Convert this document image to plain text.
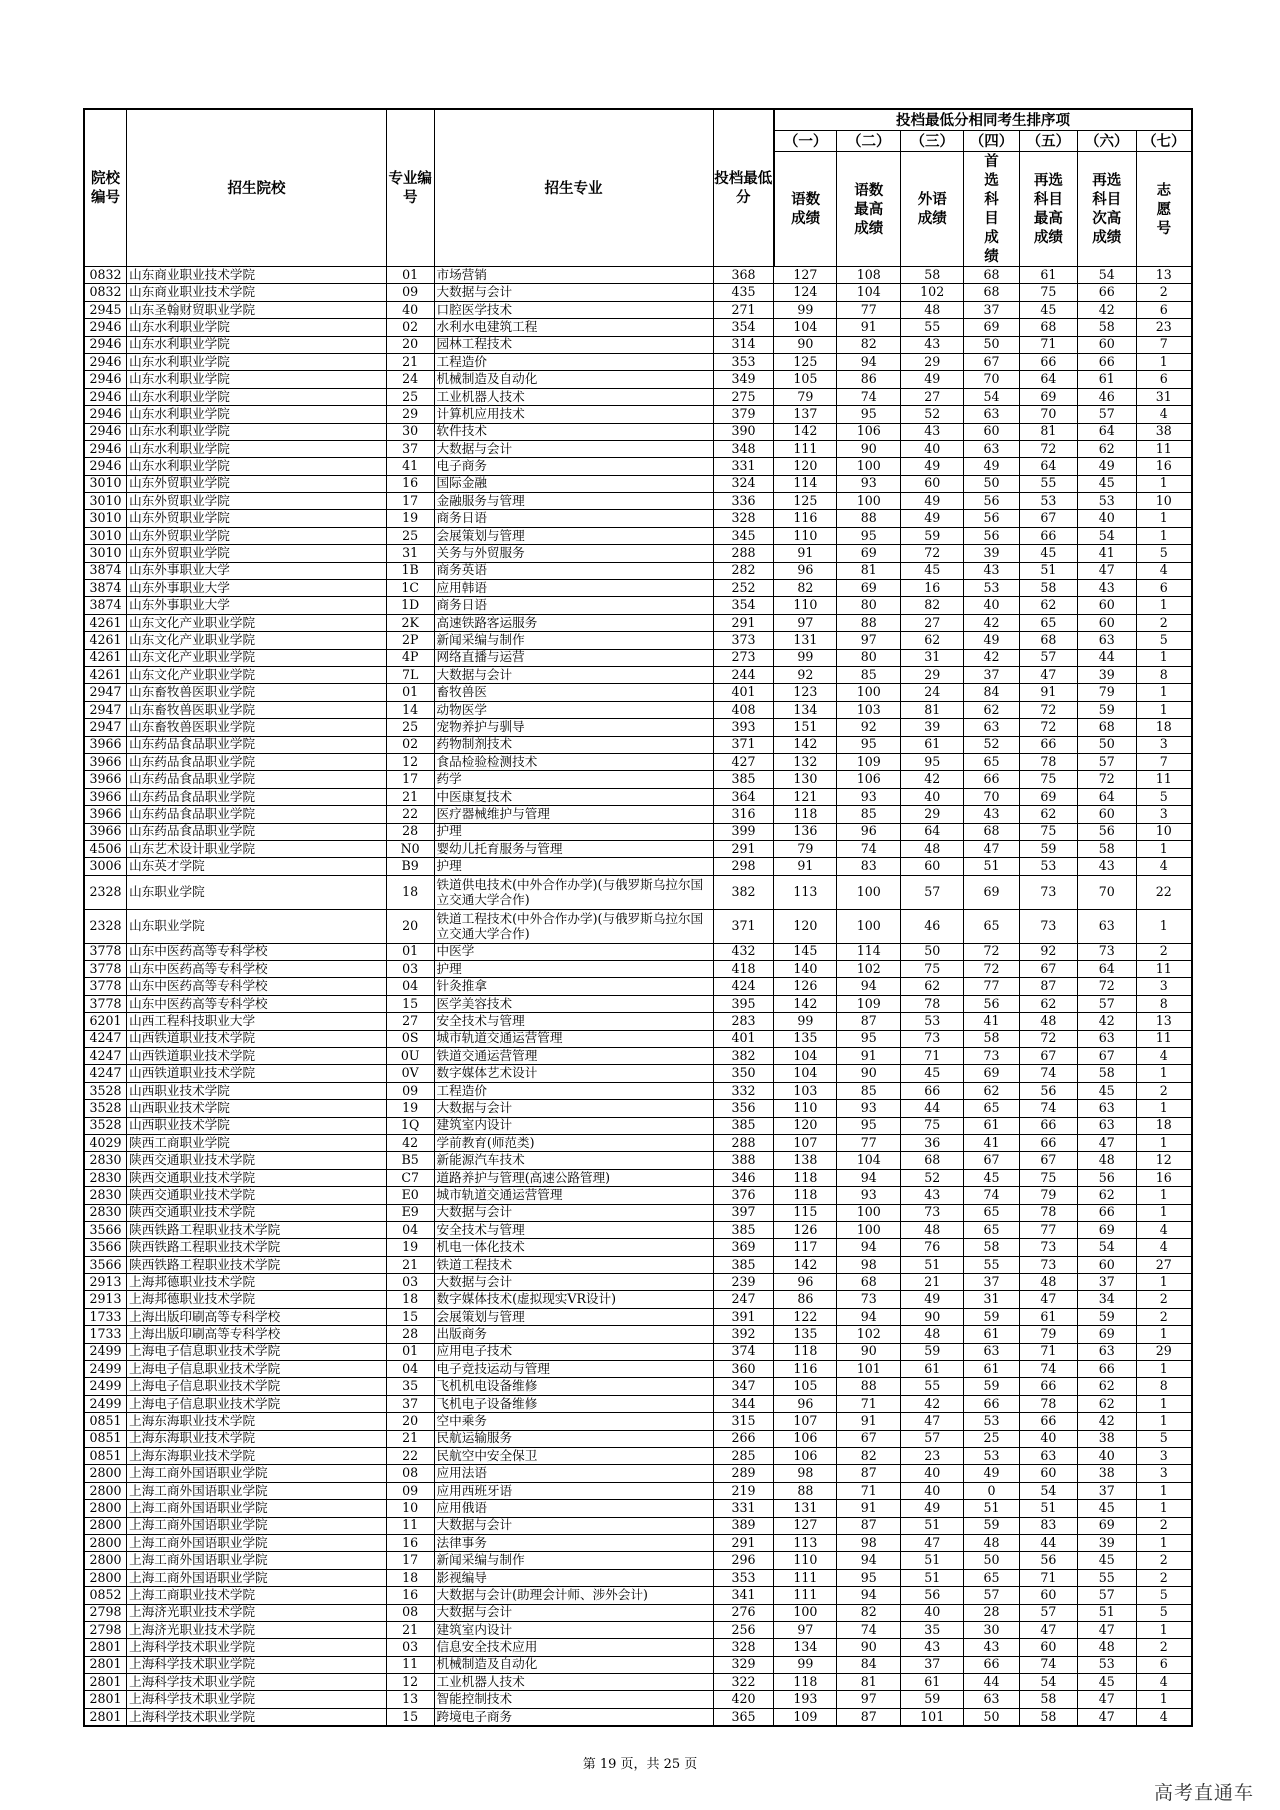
院校编号	招生院校	专业编号	招生专业	投档最低分	投档最低分相同考生排序项						
					（一）	（二）	（三）	（四）	（五）	（六）	（七）
					语数成绩	语数最高成绩	外语成绩	首选科目成绩	再选科目最高成绩	再选科目次高成绩	志愿号
0832	山东商业职业技术学院	01	市场营销	368	127	108	58	68	61	54	13
0832	山东商业职业技术学院	09	大数据与会计	435	124	104	102	68	75	66	2
2945	山东圣翰财贸职业学院	40	口腔医学技术	271	99	77	48	37	45	42	6
2946	山东水利职业学院	02	水利水电建筑工程	354	104	91	55	69	68	58	23
2946	山东水利职业学院	20	园林工程技术	314	90	82	43	50	71	60	7
2946	山东水利职业学院	21	工程造价	353	125	94	29	67	66	66	1
2946	山东水利职业学院	24	机械制造及自动化	349	105	86	49	70	64	61	6
2946	山东水利职业学院	25	工业机器人技术	275	79	74	27	54	69	46	31
2946	山东水利职业学院	29	计算机应用技术	379	137	95	52	63	70	57	4
2946	山东水利职业学院	30	软件技术	390	142	106	43	60	81	64	38
2946	山东水利职业学院	37	大数据与会计	348	111	90	40	63	72	62	11
2946	山东水利职业学院	41	电子商务	331	120	100	49	49	64	49	16
3010	山东外贸职业学院	16	国际金融	324	114	93	60	50	55	45	1
3010	山东外贸职业学院	17	金融服务与管理	336	125	100	49	56	53	53	10
3010	山东外贸职业学院	19	商务日语	328	116	88	49	56	67	40	1
3010	山东外贸职业学院	25	会展策划与管理	345	110	95	59	56	66	54	1
3010	山东外贸职业学院	31	关务与外贸服务	288	91	69	72	39	45	41	5
3874	山东外事职业大学	1B	商务英语	282	96	81	45	43	51	47	4
3874	山东外事职业大学	1C	应用韩语	252	82	69	16	53	58	43	6
3874	山东外事职业大学	1D	商务日语	354	110	80	82	40	62	60	1
4261	山东文化产业职业学院	2K	高速铁路客运服务	291	97	88	27	42	65	60	2
4261	山东文化产业职业学院	2P	新闻采编与制作	373	131	97	62	49	68	63	5
4261	山东文化产业职业学院	4P	网络直播与运营	273	99	80	31	42	57	44	1
4261	山东文化产业职业学院	7L	大数据与会计	244	92	85	29	37	47	39	8
2947	山东畜牧兽医职业学院	01	畜牧兽医	401	123	100	24	84	91	79	1
2947	山东畜牧兽医职业学院	14	动物医学	408	134	103	81	62	72	59	1
2947	山东畜牧兽医职业学院	25	宠物养护与驯导	393	151	92	39	63	72	68	18
3966	山东药品食品职业学院	02	药物制剂技术	371	142	95	61	52	66	50	3
3966	山东药品食品职业学院	12	食品检验检测技术	427	132	109	95	65	78	57	7
3966	山东药品食品职业学院	17	药学	385	130	106	42	66	75	72	11
3966	山东药品食品职业学院	21	中医康复技术	364	121	93	40	70	69	64	5
3966	山东药品食品职业学院	22	医疗器械维护与管理	316	118	85	29	43	62	60	3
3966	山东药品食品职业学院	28	护理	399	136	96	64	68	75	56	10
4506	山东艺术设计职业学院	N0	婴幼儿托育服务与管理	291	79	74	48	47	59	58	1
3006	山东英才学院	B9	护理	298	91	83	60	51	53	43	4
2328	山东职业学院	18	铁道供电技术(中外合作办学)(与俄罗斯乌拉尔国立交通大学合作)	382	113	100	57	69	73	70	22
2328	山东职业学院	20	铁道工程技术(中外合作办学)(与俄罗斯乌拉尔国立交通大学合作)	371	120	100	46	65	73	63	1
3778	山东中医药高等专科学校	01	中医学	432	145	114	50	72	92	73	2
3778	山东中医药高等专科学校	03	护理	418	140	102	75	72	67	64	11
3778	山东中医药高等专科学校	04	针灸推拿	424	126	94	62	77	87	72	3
3778	山东中医药高等专科学校	15	医学美容技术	395	142	109	78	56	62	57	8
6201	山西工程科技职业大学	27	安全技术与管理	283	99	87	53	41	48	42	13
4247	山西铁道职业技术学院	0S	城市轨道交通运营管理	401	135	95	73	58	72	63	11
4247	山西铁道职业技术学院	0U	铁道交通运营管理	382	104	91	71	73	67	67	4
4247	山西铁道职业技术学院	0V	数字媒体艺术设计	350	104	90	45	69	74	58	1
3528	山西职业技术学院	09	工程造价	332	103	85	66	62	56	45	2
3528	山西职业技术学院	19	大数据与会计	356	110	93	44	65	74	63	1
3528	山西职业技术学院	1Q	建筑室内设计	385	120	95	75	61	66	63	18
4029	陕西工商职业学院	42	学前教育(师范类)	288	107	77	36	41	66	47	1
2830	陕西交通职业技术学院	B5	新能源汽车技术	388	138	104	68	67	67	48	12
2830	陕西交通职业技术学院	C7	道路养护与管理(高速公路管理)	346	118	94	52	45	75	56	16
2830	陕西交通职业技术学院	E0	城市轨道交通运营管理	376	118	93	43	74	79	62	1
2830	陕西交通职业技术学院	E9	大数据与会计	397	115	100	73	65	78	66	1
3566	陕西铁路工程职业技术学院	04	安全技术与管理	385	126	100	48	65	77	69	4
3566	陕西铁路工程职业技术学院	19	机电一体化技术	369	117	94	76	58	73	54	4
3566	陕西铁路工程职业技术学院	21	铁道工程技术	385	142	98	51	55	73	60	27
2913	上海邦德职业技术学院	03	大数据与会计	239	96	68	21	37	48	37	1
2913	上海邦德职业技术学院	18	数字媒体技术(虚拟现实VR设计)	247	86	73	49	31	47	34	2
1733	上海出版印刷高等专科学校	15	会展策划与管理	391	122	94	90	59	61	59	2
1733	上海出版印刷高等专科学校	28	出版商务	392	135	102	48	61	79	69	1
2499	上海电子信息职业技术学院	01	应用电子技术	374	118	90	59	63	71	63	29
2499	上海电子信息职业技术学院	04	电子竞技运动与管理	360	116	101	61	61	74	66	1
2499	上海电子信息职业技术学院	35	飞机机电设备维修	347	105	88	55	59	66	62	8
2499	上海电子信息职业技术学院	37	飞机电子设备维修	344	96	71	42	66	78	62	1
0851	上海东海职业技术学院	20	空中乘务	315	107	91	47	53	66	42	1
0851	上海东海职业技术学院	21	民航运输服务	266	106	67	57	25	40	38	5
0851	上海东海职业技术学院	22	民航空中安全保卫	285	106	82	23	53	63	40	3
2800	上海工商外国语职业学院	08	应用法语	289	98	87	40	49	60	38	3
2800	上海工商外国语职业学院	09	应用西班牙语	219	88	71	40	0	54	37	1
2800	上海工商外国语职业学院	10	应用俄语	331	131	91	49	51	51	45	1
2800	上海工商外国语职业学院	11	大数据与会计	389	127	87	51	59	83	69	2
2800	上海工商外国语职业学院	16	法律事务	291	113	98	47	48	44	39	1
2800	上海工商外国语职业学院	17	新闻采编与制作	296	110	94	51	50	56	45	2
2800	上海工商外国语职业学院	18	影视编导	353	111	95	51	65	71	55	2
0852	上海工商职业技术学院	16	大数据与会计(助理会计师、涉外会计)	341	111	94	56	57	60	57	5
2798	上海济光职业技术学院	08	大数据与会计	276	100	82	40	28	57	51	5
2798	上海济光职业技术学院	21	建筑室内设计	256	97	74	35	30	47	47	1
2801	上海科学技术职业学院	03	信息安全技术应用	328	134	90	43	43	60	48	2
2801	上海科学技术职业学院	11	机械制造及自动化	329	99	84	37	66	74	53	6
2801	上海科学技术职业学院	12	工业机器人技术	322	118	81	61	44	54	45	4
2801	上海科学技术职业学院	13	智能控制技术	420	193	97	59	63	58	47	1
2801	上海科学技术职业学院	15	跨境电子商务	365	109	87	101	50	58	47	4
第 19 页，共 25 页
高考直通车
